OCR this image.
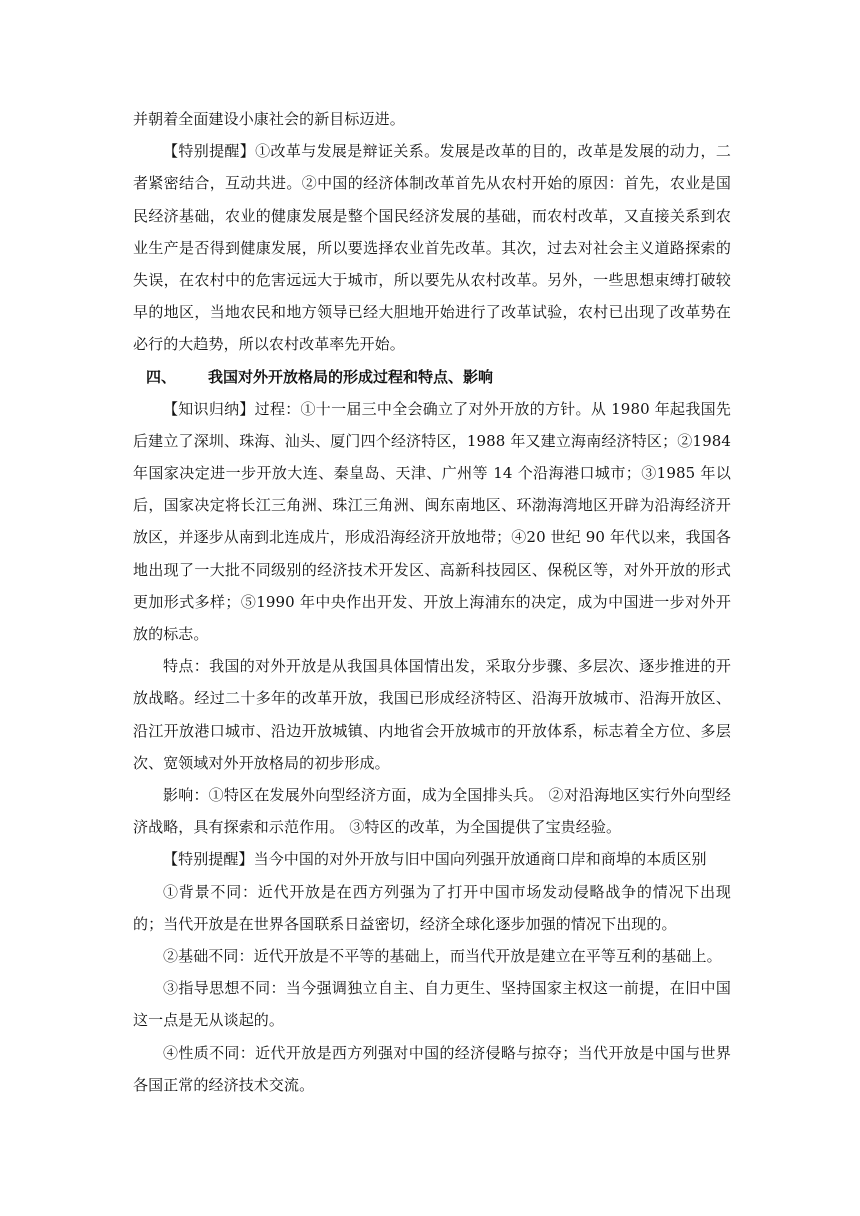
并朝着全面建设小康社会的新目标迈进。

【特别提醒】①改革与发展是辩证关系。发展是改革的目的，改革是发展的动力，二者紧密结合，互动共进。②中国的经济体制改革首先从农村开始的原因：首先，农业是国民经济基础，农业的健康发展是整个国民经济发展的基础，而农村改革，又直接关系到农业生产是否得到健康发展，所以要选择农业首先改革。其次，过去对社会主义道路探索的失误，在农村中的危害远远大于城市，所以要先从农村改革。另外，一些思想束缚打破较早的地区，当地农民和地方领导已经大胆地开始进行了改革试验，农村已出现了改革势在必行的大趋势，所以农村改革率先开始。

四、 我国对外开放格局的形成过程和特点、影响

【知识归纳】过程：①十一届三中全会确立了对外开放的方针。从 1980 年起我国先后建立了深圳、珠海、汕头、厦门四个经济特区，1988 年又建立海南经济特区；②1984 年国家决定进一步开放大连、秦皇岛、天津、广州等 14 个沿海港口城市；③1985 年以后，国家决定将长江三角洲、珠江三角洲、闽东南地区、环渤海湾地区开辟为沿海经济开放区，并逐步从南到北连成片，形成沿海经济开放地带；④20 世纪 90 年代以来，我国各地出现了一大批不同级别的经济技术开发区、高新科技园区、保税区等，对外开放的形式更加形式多样；⑤1990 年中央作出开发、开放上海浦东的决定，成为中国进一步对外开放的标志。

特点：我国的对外开放是从我国具体国情出发，采取分步骤、多层次、逐步推进的开放战略。经过二十多年的改革开放，我国已形成经济特区、沿海开放城市、沿海开放区、沿江开放港口城市、沿边开放城镇、内地省会开放城市的开放体系，标志着全方位、多层次、宽领域对外开放格局的初步形成。

影响：①特区在发展外向型经济方面，成为全国排头兵。 ②对沿海地区实行外向型经济战略，具有探索和示范作用。 ③特区的改革，为全国提供了宝贵经验。

【特别提醒】当今中国的对外开放与旧中国向列强开放通商口岸和商埠的本质区别

①背景不同：近代开放是在西方列强为了打开中国市场发动侵略战争的情况下出现的；当代开放是在世界各国联系日益密切，经济全球化逐步加强的情况下出现的。

②基础不同：近代开放是不平等的基础上，而当代开放是建立在平等互利的基础上。

③指导思想不同：当今强调独立自主、自力更生、坚持国家主权这一前提，在旧中国这一点是无从谈起的。

④性质不同：近代开放是西方列强对中国的经济侵略与掠夺；当代开放是中国与世界各国正常的经济技术交流。
